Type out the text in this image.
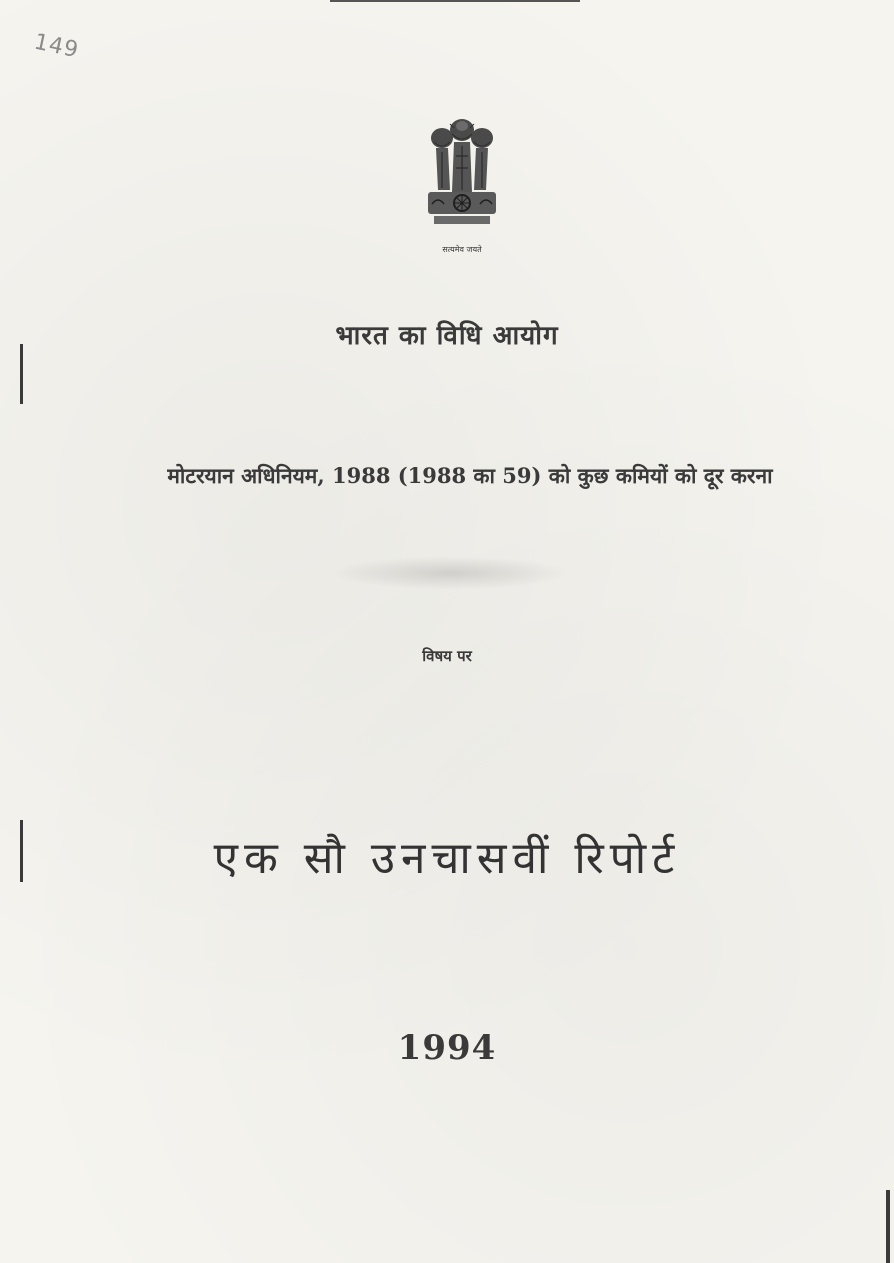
149
सत्यमेव जयते
भारत का विधि आयोग
मोटरयान अधिनियम, 1988 (1988 का 59) को कुछ कमियों को दूर करना
विषय पर
एक सौ उनचासवीं रिपोर्ट
1994
